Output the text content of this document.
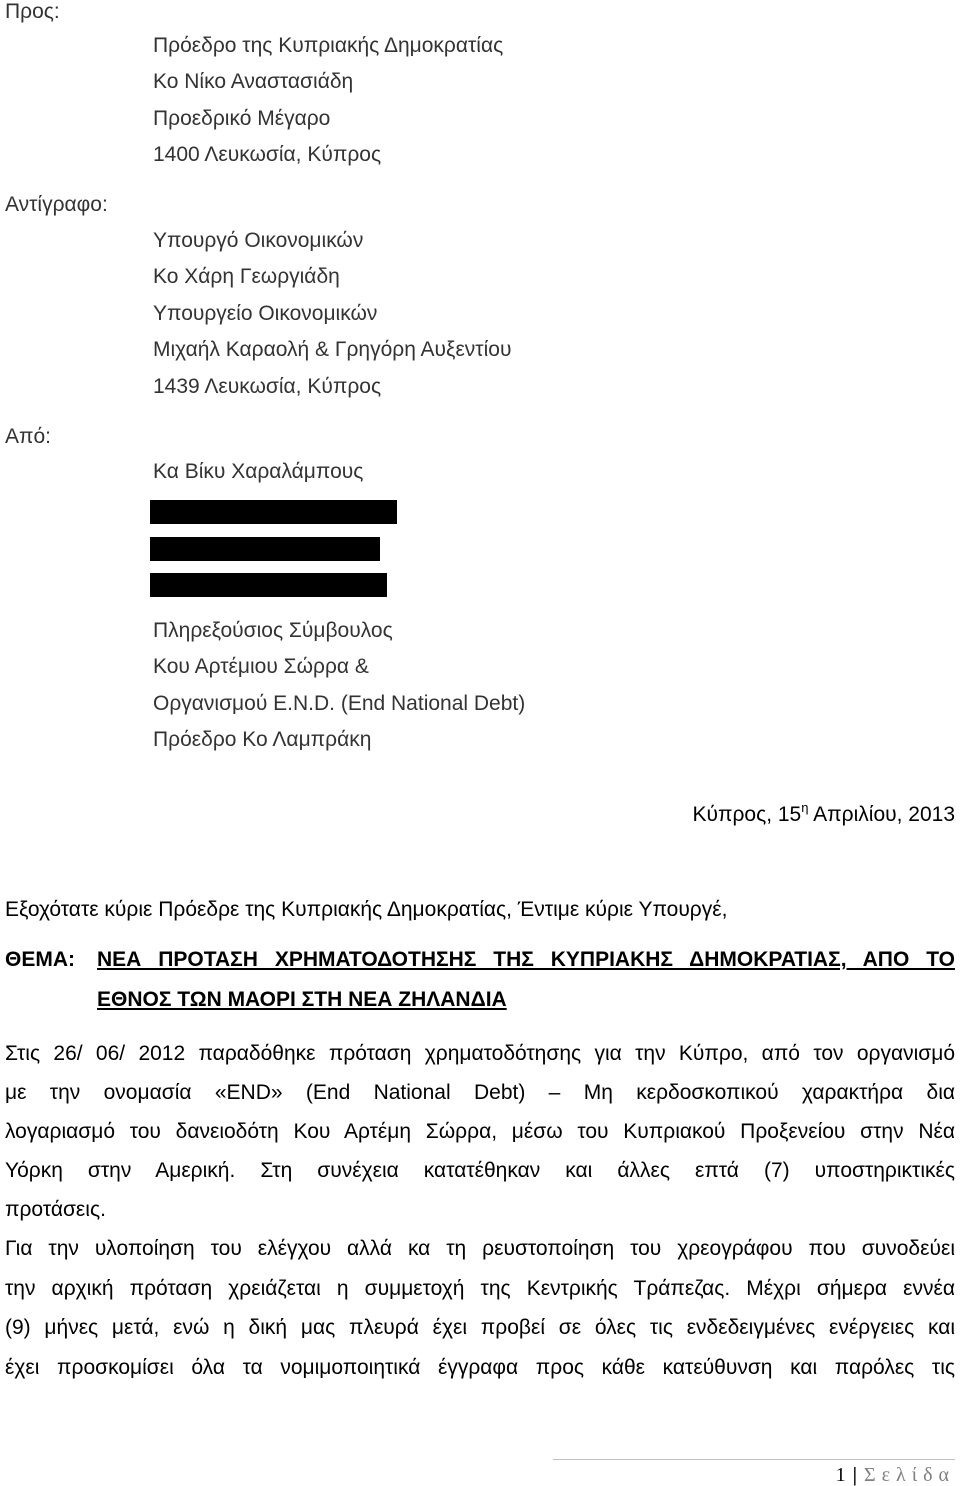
Προς:
Πρόεδρο της Κυπριακής Δημοκρατίας
Κο Νίκο Αναστασιάδη
Προεδρικό Μέγαρο
1400 Λευκωσία, Κύπρος
Αντίγραφο:
Υπουργό Οικονομικών
Κο Χάρη Γεωργιάδη
Υπουργείο Οικονομικών
Μιχαήλ Καραολή & Γρηγόρη Αυξεντίου
1439 Λευκωσία, Κύπρος
Από:
Κα Βίκυ Χαραλάμπους
Πληρεξούσιος Σύμβουλος
Κου Αρτέμιου Σώρρα &
Οργανισμού E.N.D. (End National Debt)
Πρόεδρο Κο Λαμπράκη
Κύπρος, $15^\eta$ Απριλίου, 2013
Εξοχότατε κύριε Πρόεδρε της Κυπριακής Δημοκρατίας, Έντιμε κύριε Υπουργέ,
ΘΕΜΑ: ΝΕΑ ΠΡΟΤΑΣΗ ΧΡΗΜΑΤΟΔΟΤΗΣΗΣ ΤΗΣ ΚΥΠΡΙΑΚΗΣ ΔΗΜΟΚΡΑΤΙΑΣ, ΑΠΟ ΤΟ
ΕΘΝΟΣ ΤΩΝ ΜΑΟΡΙ ΣΤΗ ΝΕΑ ΖΗΛΑΝΔΙΑ
Στις 26/ 06/ 2012 παραδόθηκε πρόταση χρηματοδότησης για την Κύπρο, από τον οργανισμό
με την ονομασία «END» (End National Debt) – Μη κερδοσκοπικού χαρακτήρα δια
λογαριασμό του δανειοδότη Κου Αρτέμη Σώρρα, μέσω του Κυπριακού Προξενείου στην Νέα
Υόρκη στην Αμερική. Στη συνέχεια κατατέθηκαν και άλλες επτά (7) υποστηρικτικές
προτάσεις.
Για την υλοποίηση του ελέγχου αλλά κα τη ρευστοποίηση του χρεογράφου που συνοδεύει
την αρχική πρόταση χρειάζεται η συμμετοχή της Κεντρικής Τράπεζας. Μέχρι σήμερα εννέα
(9) μήνες μετά, ενώ η δική μας πλευρά έχει προβεί σε όλες τις ενδεδειγμένες ενέργειες και
έχει προσκομίσει όλα τα νομιμοποιητικά έγγραφα προς κάθε κατεύθυνση και παρόλες τις
1 | Σελίδα
